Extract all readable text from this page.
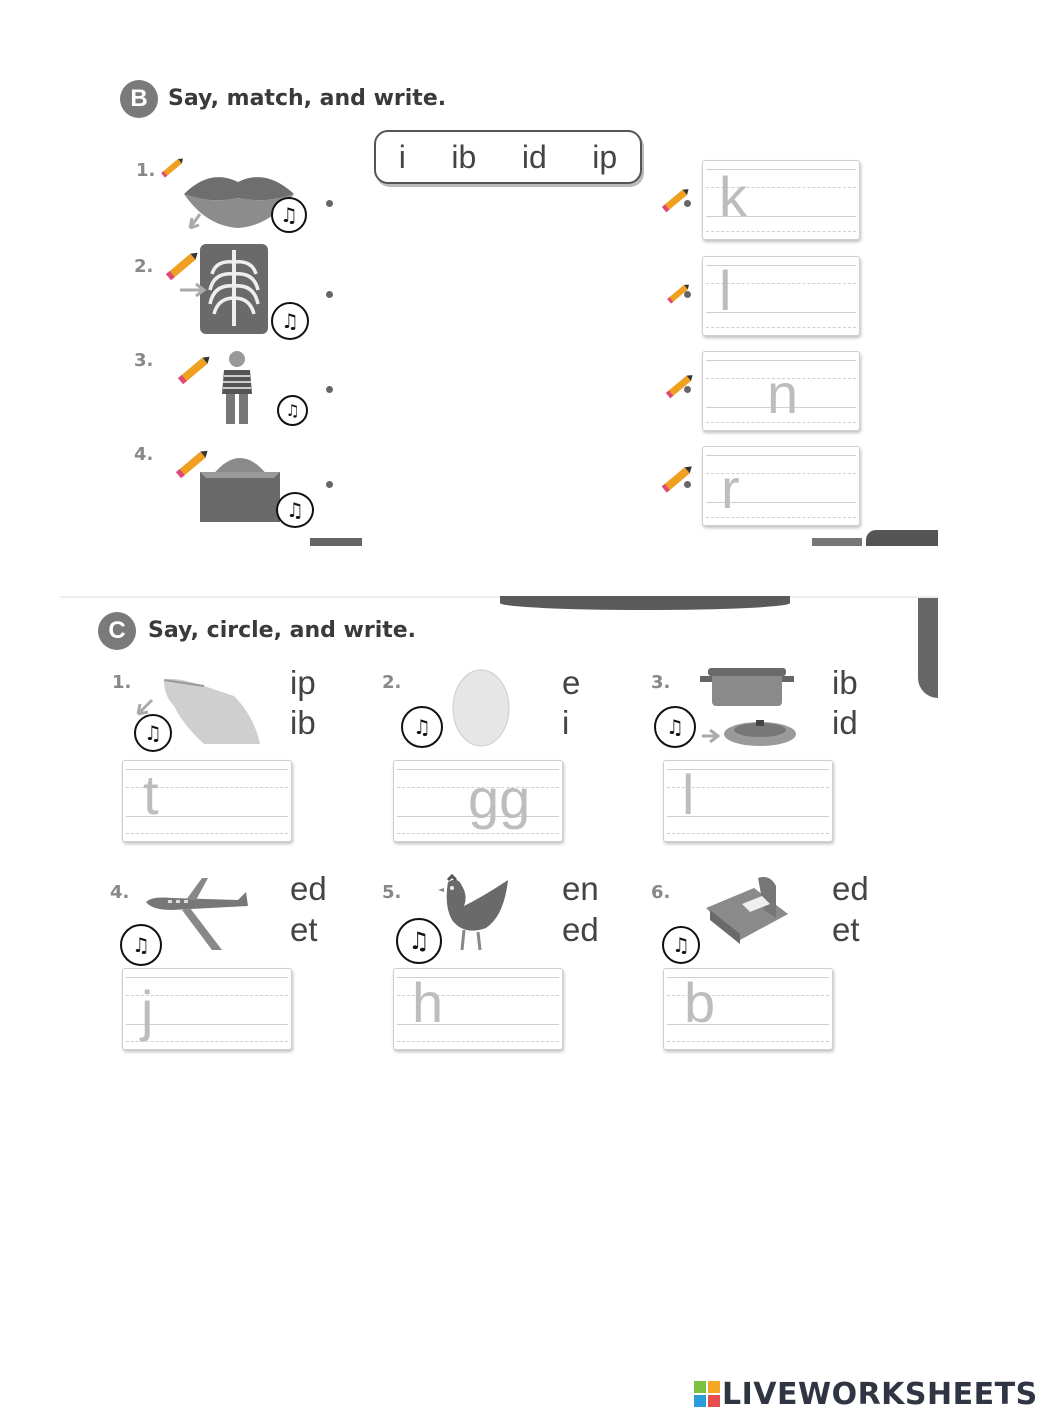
B Say, match, and write.
i ib id ip
1.
♫	k
2.
♫	l
3.
♫	n
4.
♫	r
C	Say, circle, and write.
1.
♫
ip
ib
t
2.
♫
e
i
gg
3.
♫
ib
id
l
4.
♫
ed
et
j
5.
♫
en
ed
h
6.
♫
ed
et
b
LIVEWORKSHEETS
